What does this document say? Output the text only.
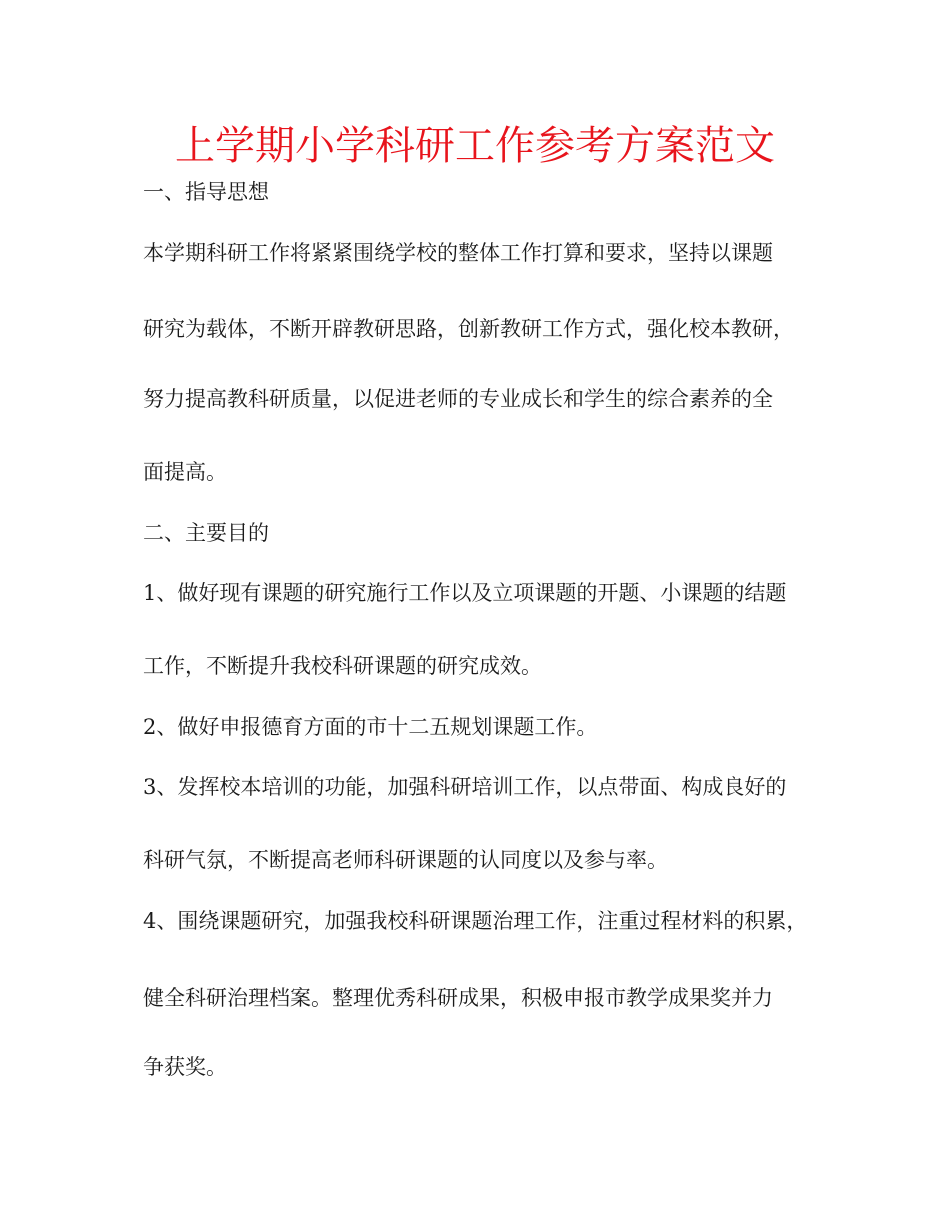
上学期小学科研工作参考方案范文

一、指导思想

本学期科研工作将紧紧围绕学校的整体工作打算和要求，坚持以课题

研究为载体，不断开辟教研思路，创新教研工作方式，强化校本教研，

努力提高教科研质量，以促进老师的专业成长和学生的综合素养的全

面提高。

二、主要目的

1、做好现有课题的研究施行工作以及立项课题的开题、小课题的结题

工作，不断提升我校科研课题的研究成效。

2、做好申报德育方面的市十二五规划课题工作。

3、发挥校本培训的功能，加强科研培训工作，以点带面、构成良好的

科研气氛，不断提高老师科研课题的认同度以及参与率。

4、围绕课题研究，加强我校科研课题治理工作，注重过程材料的积累，

健全科研治理档案。整理优秀科研成果，积极申报市教学成果奖并力

争获奖。
